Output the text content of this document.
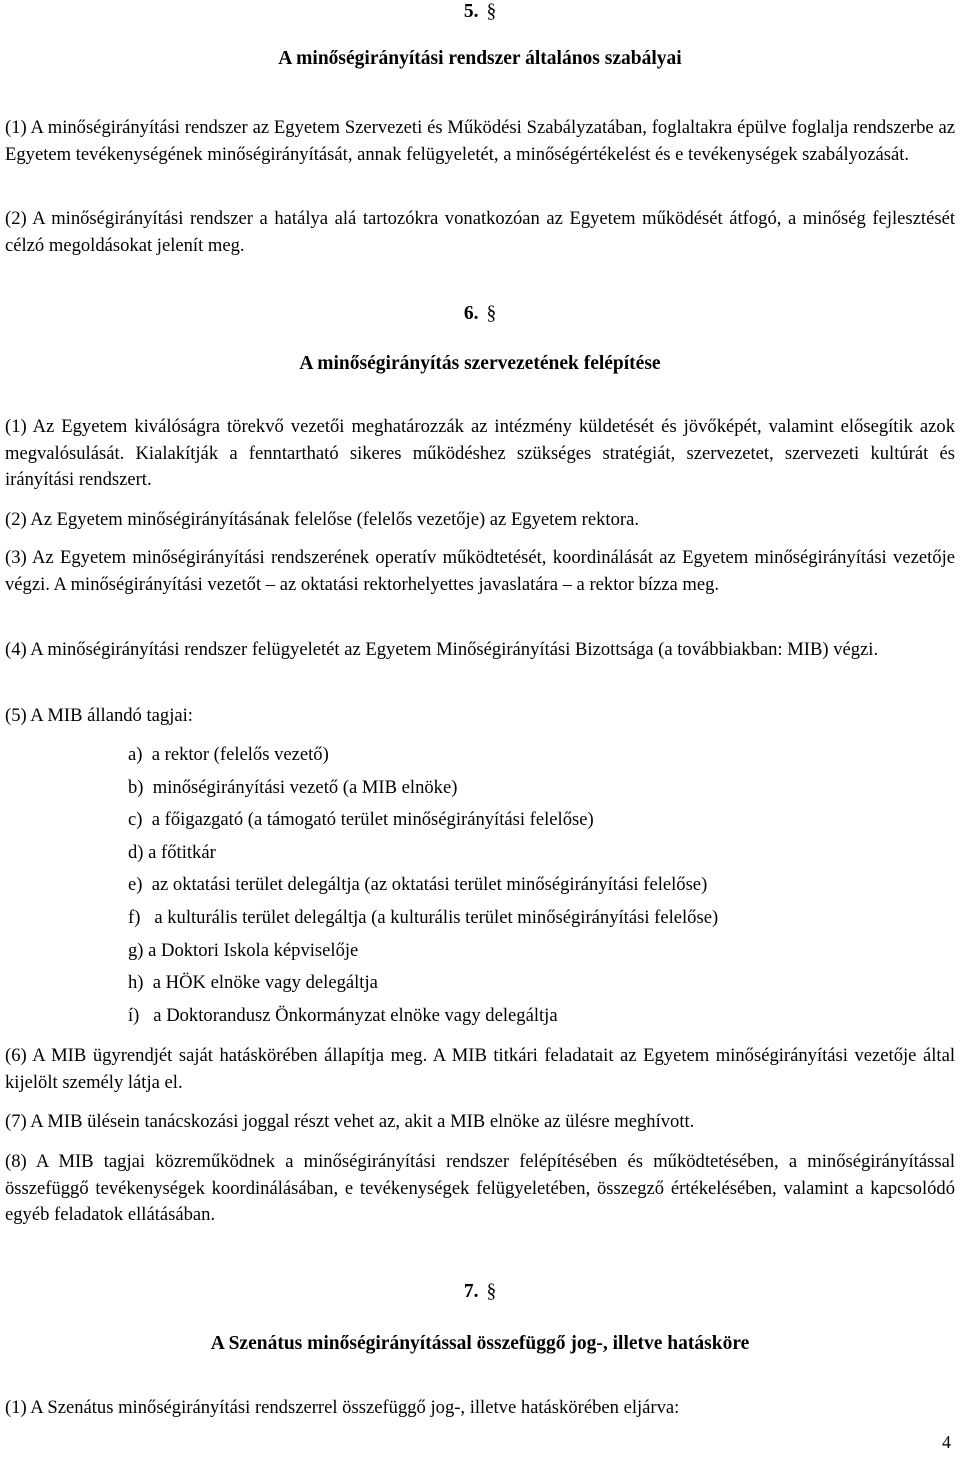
5. §
A minőségirányítási rendszer általános szabályai

(1) A minőségirányítási rendszer az Egyetem Szervezeti és Működési Szabályzatában, foglaltakra épülve foglalja rendszerbe az Egyetem tevékenységének minőségirányítását, annak felügyeletét, a minőségértékelést és e tevékenységek szabályozását.

(2) A minőségirányítási rendszer a hatálya alá tartozókra vonatkozóan az Egyetem működését átfogó, a minőség fejlesztését célzó megoldásokat jelenít meg.

6. §
A minőségirányítás szervezetének felépítése

(1) Az Egyetem kiválóságra törekvő vezetői meghatározzák az intézmény küldetését és jövőképét, valamint elősegítik azok megvalósulását. Kialakítják a fenntartható sikeres működéshez szükséges stratégiát, szervezetet, szervezeti kultúrát és irányítási rendszert.

(2) Az Egyetem minőségirányításának felelőse (felelős vezetője) az Egyetem rektora.

(3) Az Egyetem minőségirányítási rendszerének operatív működtetését, koordinálását az Egyetem minőségirányítási vezetője végzi. A minőségirányítási vezetőt – az oktatási rektorhelyettes javaslatára – a rektor bízza meg.

(4) A minőségirányítási rendszer felügyeletét az Egyetem Minőségirányítási Bizottsága (a továbbiakban: MIB) végzi.

(5) A MIB állandó tagjai:

a)  a rektor (felelős vezető)
b)  minőségirányítási vezető (a MIB elnöke)
c)  a főigazgató (a támogató terület minőségirányítási felelőse)
d) a főtitkár
e)  az oktatási terület delegáltja (az oktatási terület minőségirányítási felelőse)
f)   a kulturális terület delegáltja (a kulturális terület minőségirányítási felelőse)
g) a Doktori Iskola képviselője
h)  a HÖK elnöke vagy delegáltja
í)   a Doktorandusz Önkormányzat elnöke vagy delegáltja

(6) A MIB ügyrendjét saját hatáskörében állapítja meg. A MIB titkári feladatait az Egyetem minőségirányítási vezetője által kijelölt személy látja el.

(7) A MIB ülésein tanácskozási joggal részt vehet az, akit a MIB elnöke az ülésre meghívott.

(8) A MIB tagjai közreműködnek a minőségirányítási rendszer felépítésében és működtetésében, a minőségirányítással összefüggő tevékenységek koordinálásában, e tevékenységek felügyeletében, összegző értékelésében, valamint a kapcsolódó egyéb feladatok ellátásában.

7. §
A Szenátus minőségirányítással összefüggő jog-, illetve hatásköre

(1) A Szenátus minőségirányítási rendszerrel összefüggő jog-, illetve hatáskörében eljárva:

4
